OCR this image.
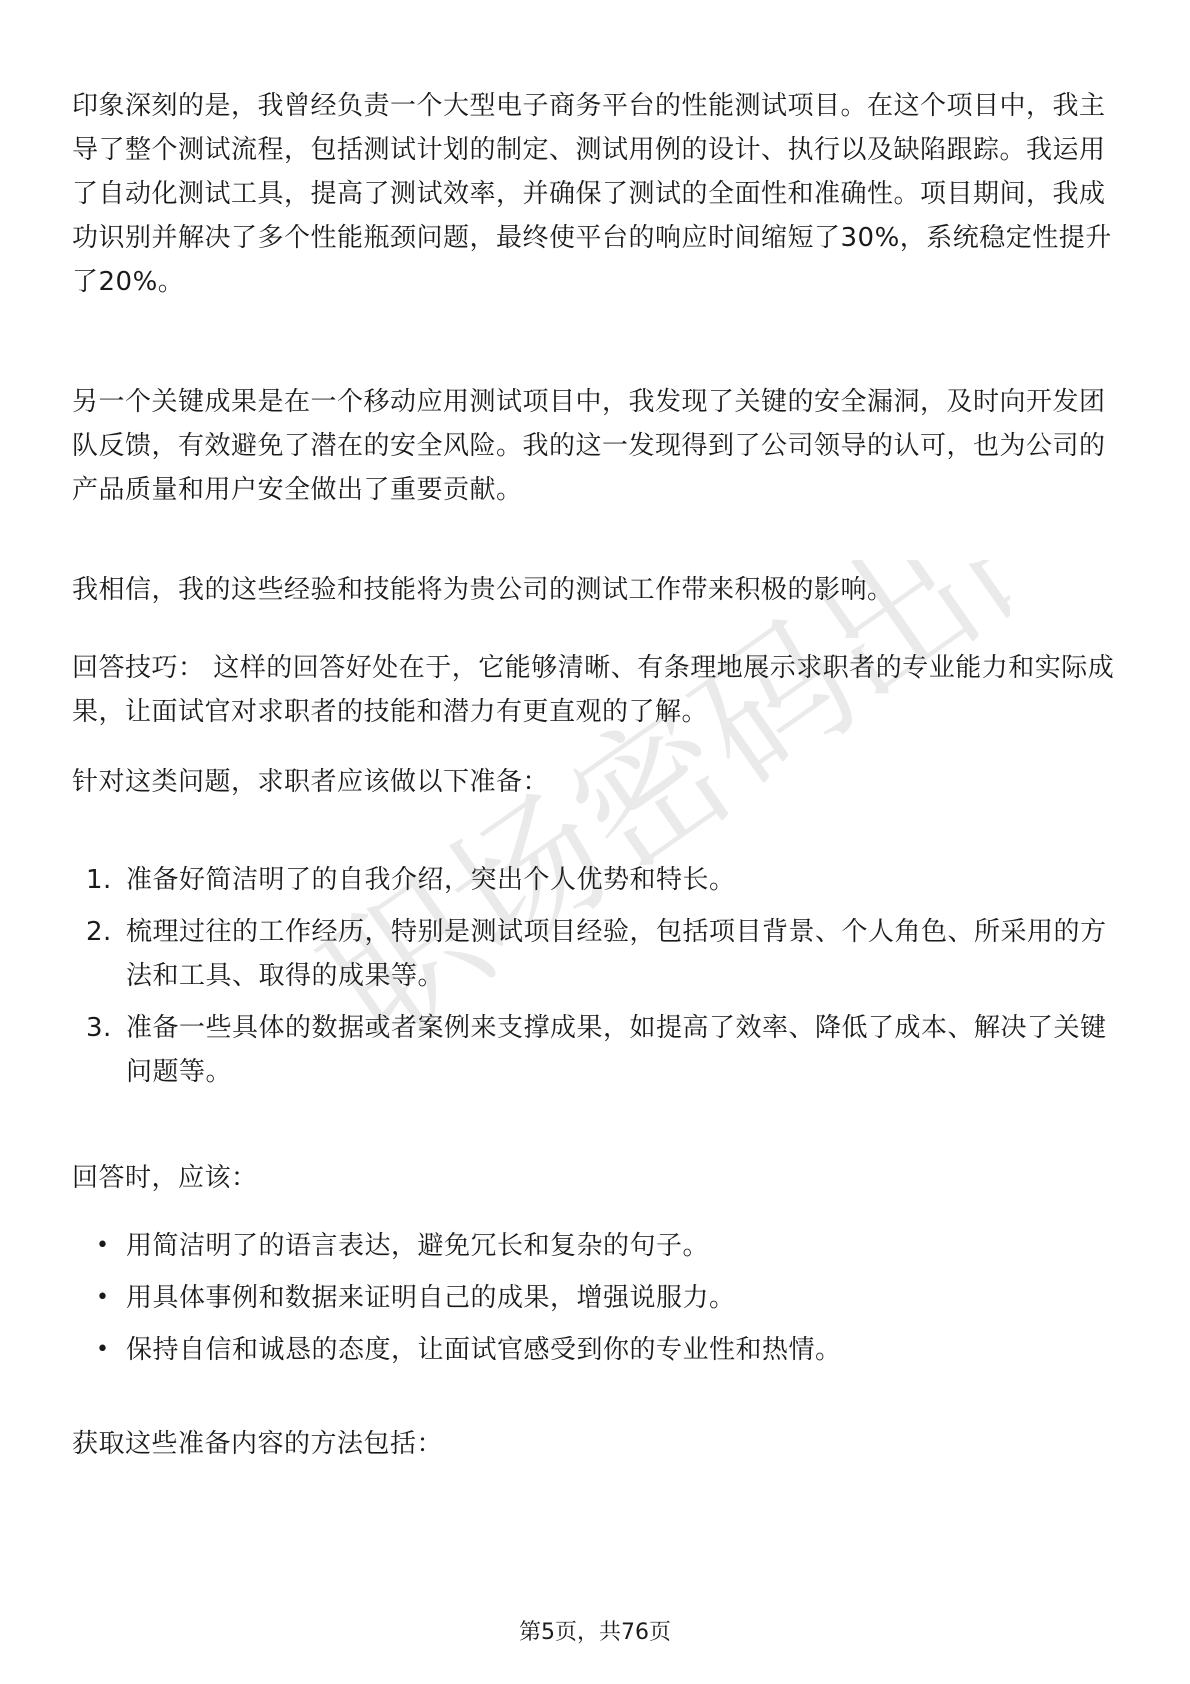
职场密码出品

印象深刻的是，我曾经负责一个大型电子商务平台的性能测试项目。在这个项目中，我主导了整个测试流程，包括测试计划的制定、测试用例的设计、执行以及缺陷跟踪。我运用了自动化测试工具，提高了测试效率，并确保了测试的全面性和准确性。项目期间，我成功识别并解决了多个性能瓶颈问题，最终使平台的响应时间缩短了30%，系统稳定性提升了20%。

另一个关键成果是在一个移动应用测试项目中，我发现了关键的安全漏洞，及时向开发团队反馈，有效避免了潜在的安全风险。我的这一发现得到了公司领导的认可，也为公司的产品质量和用户安全做出了重要贡献。

我相信，我的这些经验和技能将为贵公司的测试工作带来积极的影响。

回答技巧： 这样的回答好处在于，它能够清晰、有条理地展示求职者的专业能力和实际成果，让面试官对求职者的技能和潜力有更直观的了解。

针对这类问题，求职者应该做以下准备：

1. 准备好简洁明了的自我介绍，突出个人优势和特长。
2. 梳理过往的工作经历，特别是测试项目经验，包括项目背景、个人角色、所采用的方法和工具、取得的成果等。
3. 准备一些具体的数据或者案例来支撑成果，如提高了效率、降低了成本、解决了关键问题等。

回答时，应该：

• 用简洁明了的语言表达，避免冗长和复杂的句子。
• 用具体事例和数据来证明自己的成果，增强说服力。
• 保持自信和诚恳的态度，让面试官感受到你的专业性和热情。

获取这些准备内容的方法包括：

第5页，共76页
